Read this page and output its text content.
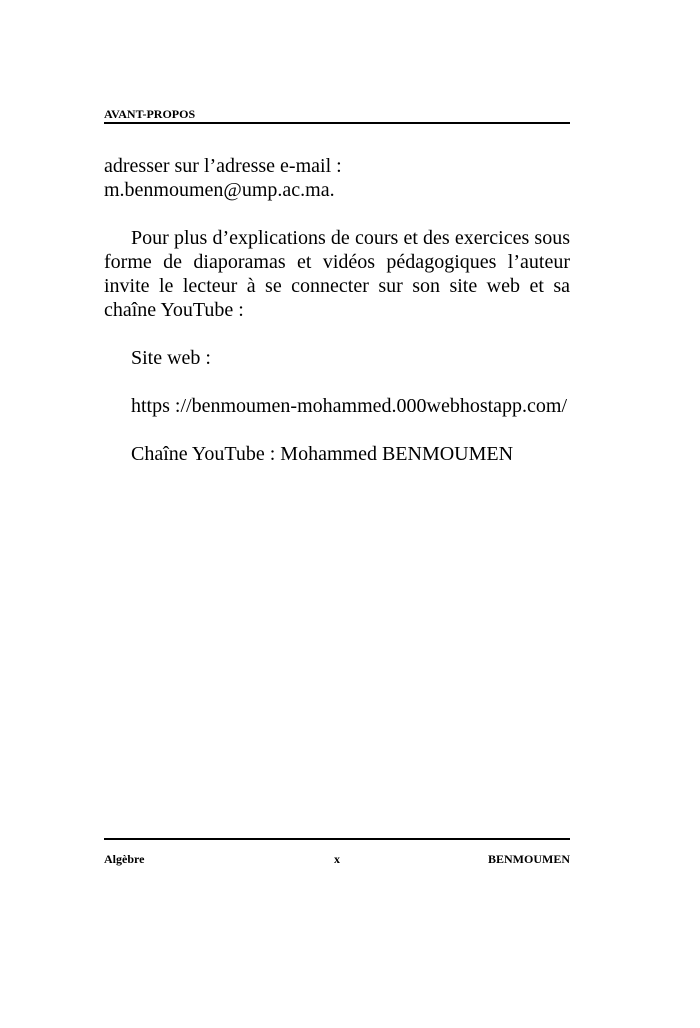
AVANT-PROPOS

adresser sur l’adresse e-mail : m.benmoumen@ump.ac.ma.

Pour plus d’explications de cours et des exercices sous forme de diaporamas et vidéos pédagogiques l’auteur invite le lecteur à se connecter sur son site web et sa chaîne YouTube :

Site web :

https ://benmoumen-mohammed.000webhostapp.com/

Chaîne YouTube : Mohammed BENMOUMEN

Algèbre	x	BENMOUMEN
